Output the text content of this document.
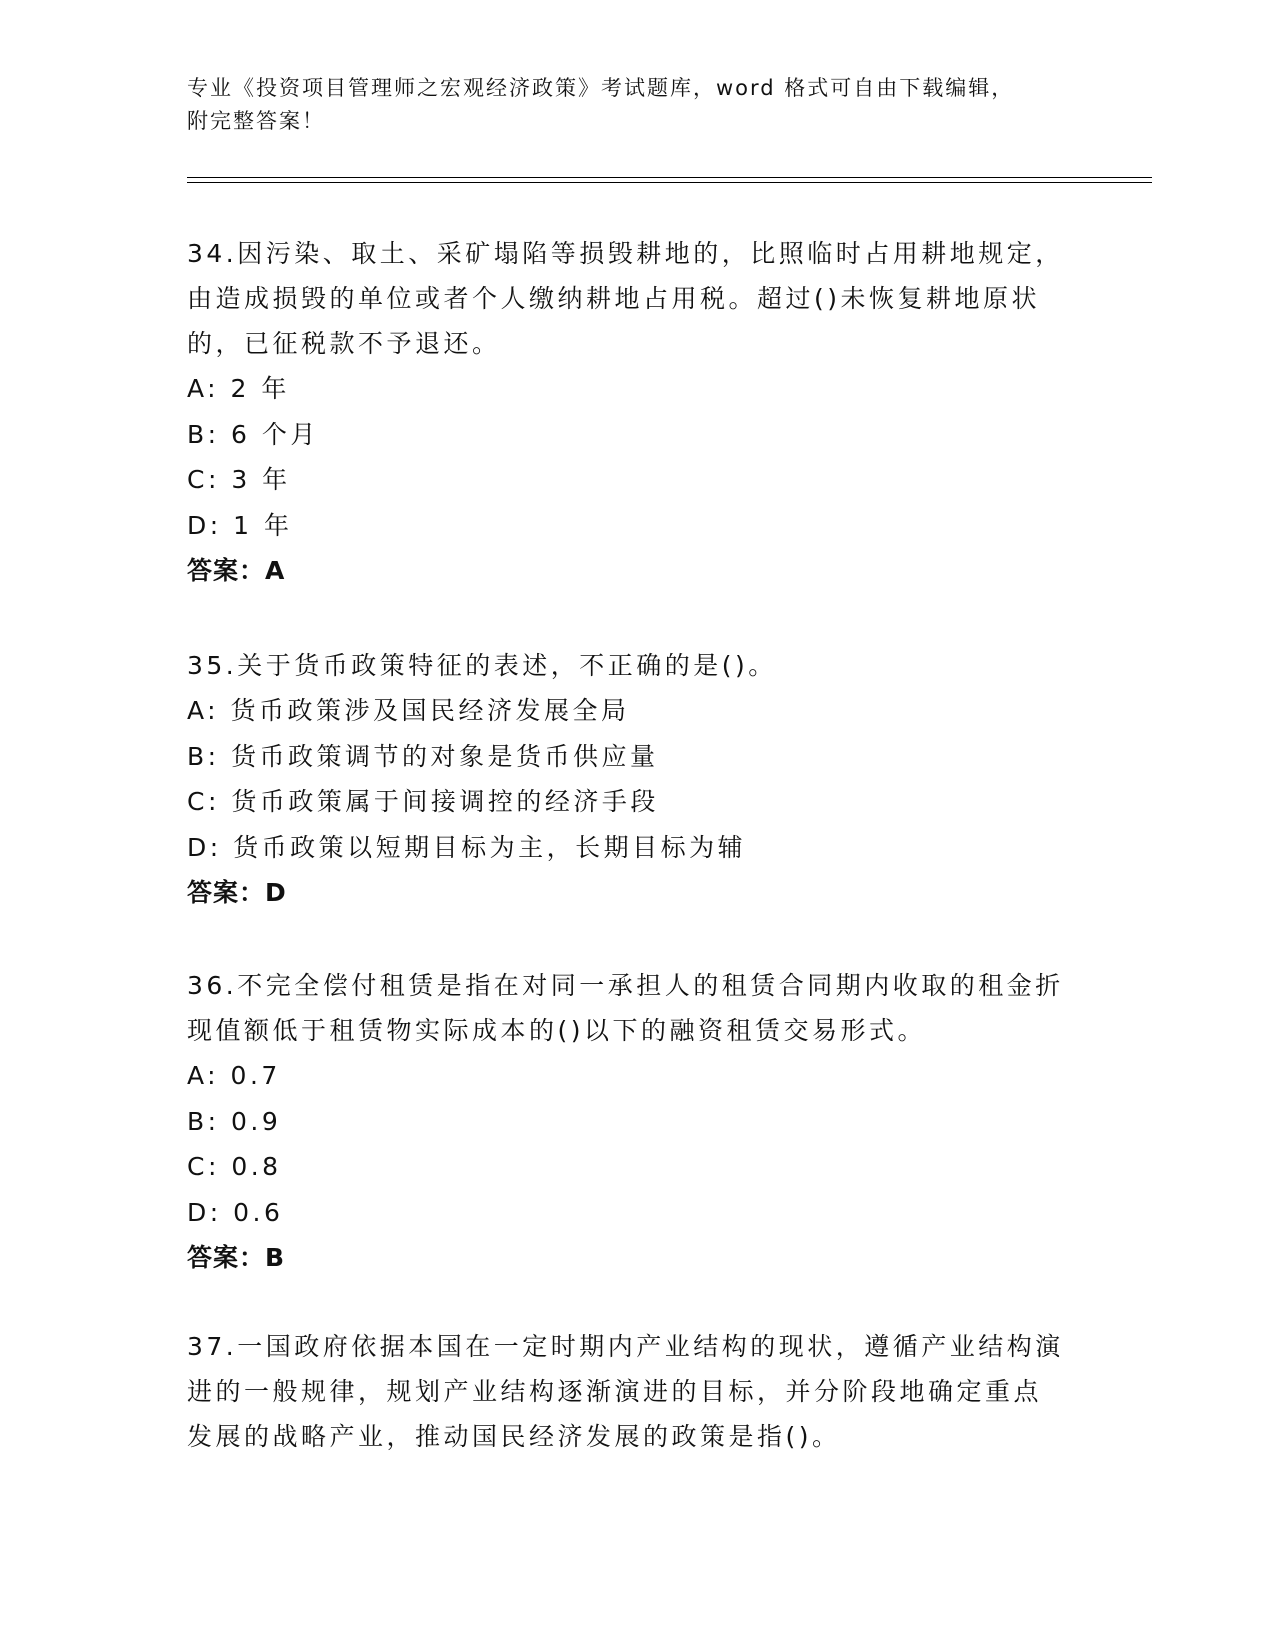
专业《投资项目管理师之宏观经济政策》考试题库，word 格式可自由下载编辑，
附完整答案！
34.因污染、取土、采矿塌陷等损毁耕地的，比照临时占用耕地规定，
由造成损毁的单位或者个人缴纳耕地占用税。超过()未恢复耕地原状
的，已征税款不予退还。
A: 2 年
B: 6 个月
C: 3 年
D: 1 年
答案：A
35.关于货币政策特征的表述，不正确的是()。
A: 货币政策涉及国民经济发展全局
B: 货币政策调节的对象是货币供应量
C: 货币政策属于间接调控的经济手段
D: 货币政策以短期目标为主，长期目标为辅
答案：D
36.不完全偿付租赁是指在对同一承担人的租赁合同期内收取的租金折
现值额低于租赁物实际成本的()以下的融资租赁交易形式。
A: 0.7
B: 0.9
C: 0.8
D: 0.6
答案：B
37.一国政府依据本国在一定时期内产业结构的现状，遵循产业结构演
进的一般规律，规划产业结构逐渐演进的目标，并分阶段地确定重点
发展的战略产业，推动国民经济发展的政策是指()。
